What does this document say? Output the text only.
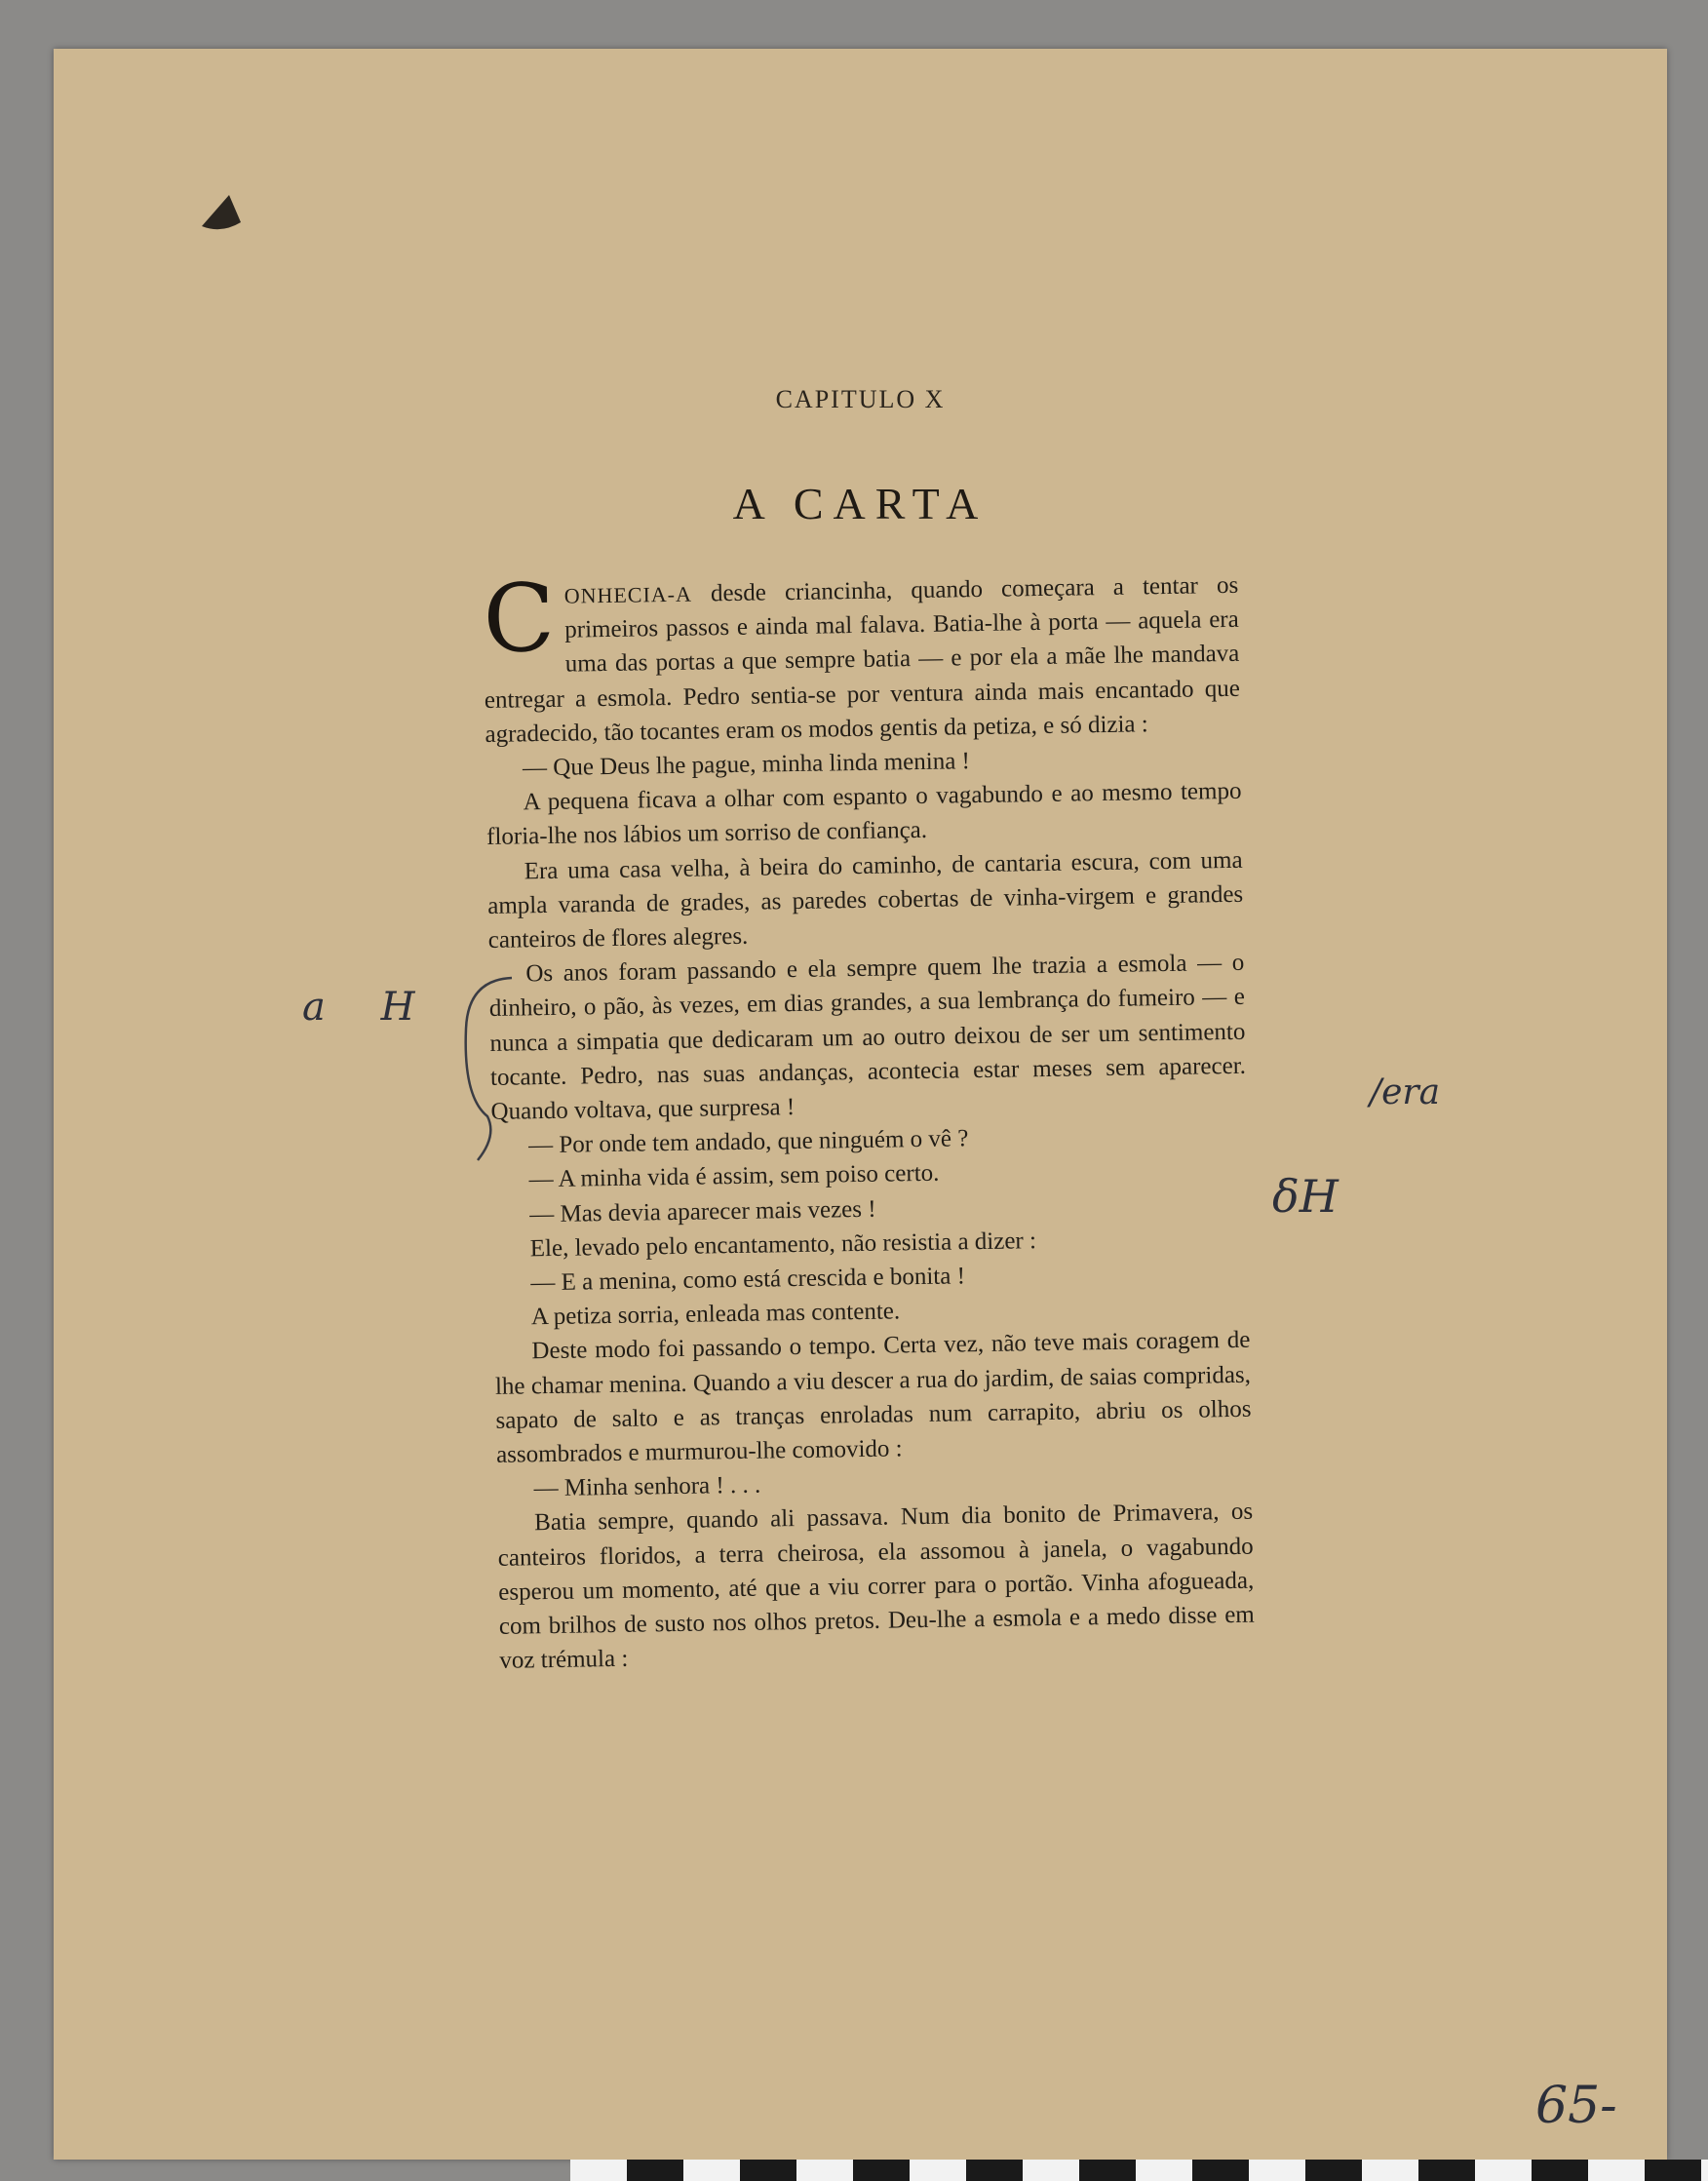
CAPITULO X
A CARTA

CONHECIA-A desde criancinha, quando começara a tentar os primeiros passos e ainda mal falava. Batia-lhe à porta — aquela era uma das portas a que sempre batia — e por ela a mãe lhe mandava entregar a esmola. Pedro sentia-se por ventura ainda mais encantado que agradecido, tão tocantes eram os modos gentis da petiza, e só dizia :

— Que Deus lhe pague, minha linda menina !

A pequena ficava a olhar com espanto o vagabundo e ao mesmo tempo floria-lhe nos lábios um sorriso de confiança.

Era uma casa velha, à beira do caminho, de cantaria escura, com uma ampla varanda de grades, as paredes cobertas de vinha-virgem e grandes canteiros de flores alegres.

Os anos foram passando e ela sempre quem lhe trazia a esmola — o dinheiro, o pão, às vezes, em dias grandes, a sua lembrança do fumeiro — e nunca a simpatia que dedicaram um ao outro deixou de ser um sentimento tocante. Pedro, nas suas andanças, acontecia estar meses sem aparecer. Quando voltava, que surpresa !

— Por onde tem andado, que ninguém o vê ?

— A minha vida é assim, sem poiso certo.

— Mas devia aparecer mais vezes !

Ele, levado pelo encantamento, não resistia a dizer :

— E a menina, como está crescida e bonita !

A petiza sorria, enleada mas contente.

Deste modo foi passando o tempo. Certa vez, não teve mais coragem de lhe chamar menina. Quando a viu descer a rua do jardim, de saias compridas, sapato de salto e as tranças enroladas num carrapito, abriu os olhos assombrados e murmurou-lhe comovido :

— Minha senhora ! . . .

Batia sempre, quando ali passava. Num dia bonito de Primavera, os canteiros floridos, a terra cheirosa, ela assomou à janela, o vagabundo esperou um momento, até que a viu correr para o portão. Vinha afogueada, com brilhos de susto nos olhos pretos. Deu-lhe a esmola e a medo disse em voz trémula :

a H
/era
δH
65-
